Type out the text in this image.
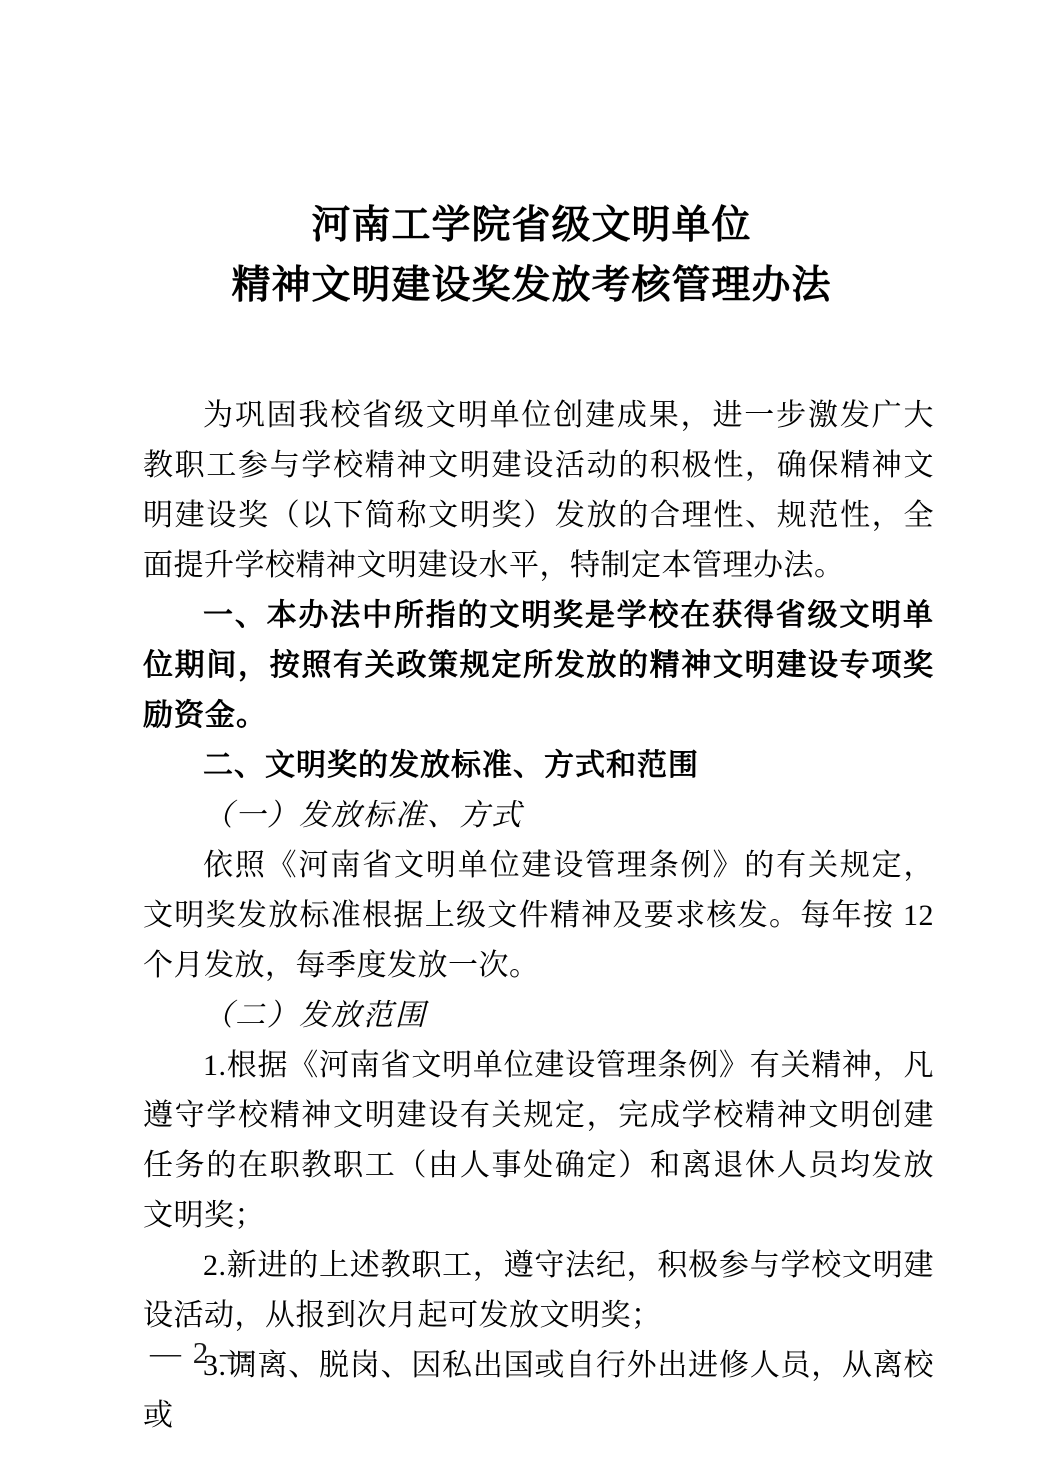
河南工学院省级文明单位
精神文明建设奖发放考核管理办法

为巩固我校省级文明单位创建成果，进一步激发广大教职工参与学校精神文明建设活动的积极性，确保精神文明建设奖（以下简称文明奖）发放的合理性、规范性，全面提升学校精神文明建设水平，特制定本管理办法。

一、本办法中所指的文明奖是学校在获得省级文明单位期间，按照有关政策规定所发放的精神文明建设专项奖励资金。

二、文明奖的发放标准、方式和范围

（一）发放标准、方式

依照《河南省文明单位建设管理条例》的有关规定，文明奖发放标准根据上级文件精神及要求核发。每年按 12 个月发放，每季度发放一次。

（二）发放范围

1.根据《河南省文明单位建设管理条例》有关精神，凡遵守学校精神文明建设有关规定，完成学校精神文明创建任务的在职教职工（由人事处确定）和离退休人员均发放文明奖；

2.新进的上述教职工，遵守法纪，积极参与学校文明建设活动，从报到次月起可发放文明奖；

3.调离、脱岗、因私出国或自行外出进修人员，从离校或

— 2 —
